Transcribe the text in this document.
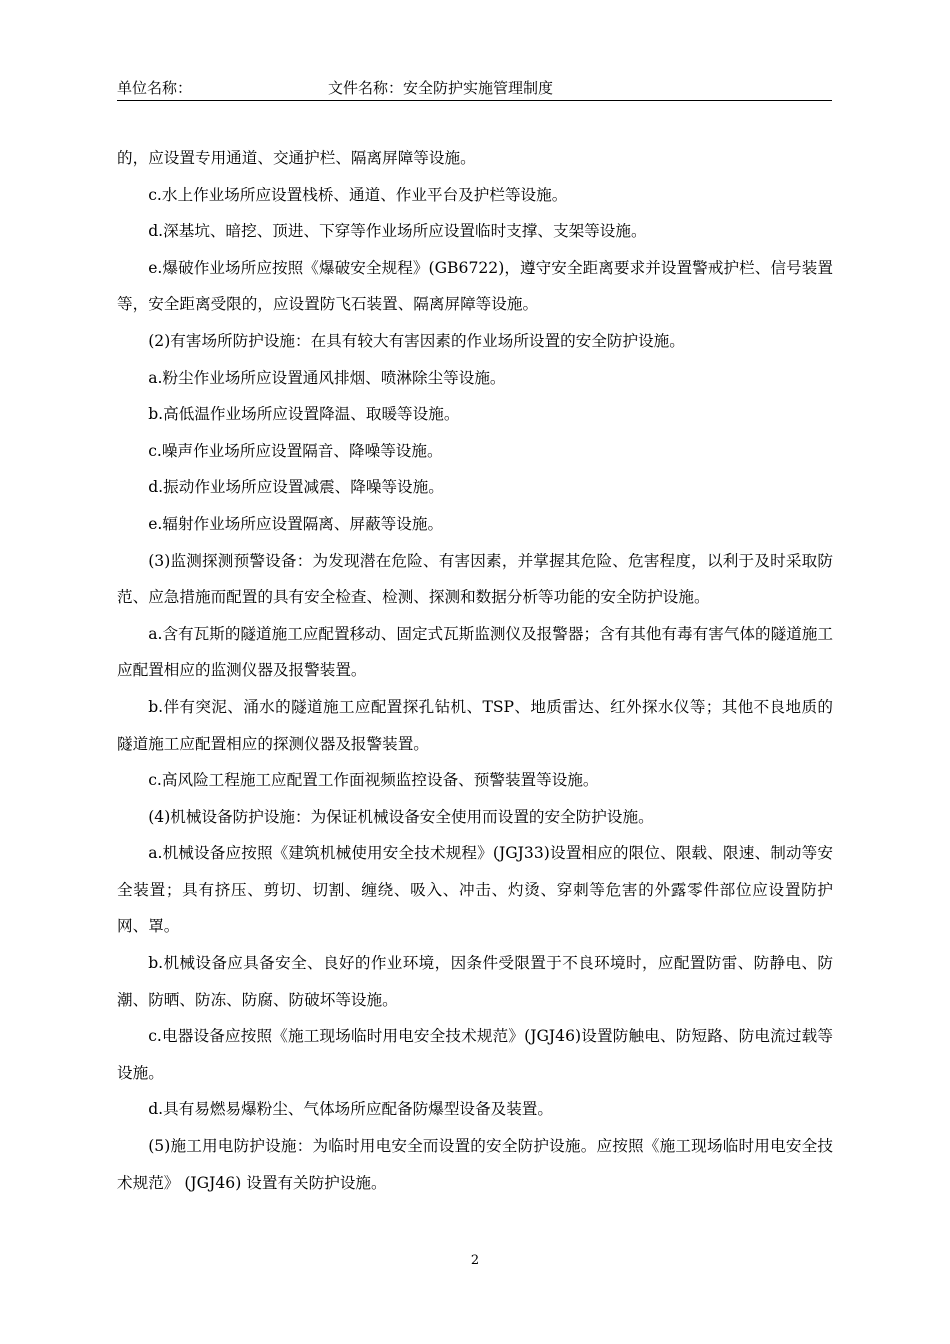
单位名称：	文件名称：安全防护实施管理制度

的，应设置专用通道、交通护栏、隔离屏障等设施。

c.水上作业场所应设置栈桥、通道、作业平台及护栏等设施。

d.深基坑、暗挖、顶进、下穿等作业场所应设置临时支撑、支架等设施。

e.爆破作业场所应按照《爆破安全规程》(GB6722)，遵守安全距离要求并设置警戒护栏、信号装置等，安全距离受限的，应设置防飞石装置、隔离屏障等设施。

(2)有害场所防护设施：在具有较大有害因素的作业场所设置的安全防护设施。

a.粉尘作业场所应设置通风排烟、喷淋除尘等设施。

b.高低温作业场所应设置降温、取暖等设施。

c.噪声作业场所应设置隔音、降噪等设施。

d.振动作业场所应设置减震、降噪等设施。

e.辐射作业场所应设置隔离、屏蔽等设施。

(3)监测探测预警设备：为发现潜在危险、有害因素，并掌握其危险、危害程度，以利于及时采取防范、应急措施而配置的具有安全检查、检测、探测和数据分析等功能的安全防护设施。

a.含有瓦斯的隧道施工应配置移动、固定式瓦斯监测仪及报警器；含有其他有毒有害气体的隧道施工应配置相应的监测仪器及报警装置。

b.伴有突泥、涌水的隧道施工应配置探孔钻机、TSP、地质雷达、红外探水仪等；其他不良地质的隧道施工应配置相应的探测仪器及报警装置。

c.高风险工程施工应配置工作面视频监控设备、预警装置等设施。

(4)机械设备防护设施：为保证机械设备安全使用而设置的安全防护设施。

a.机械设备应按照《建筑机械使用安全技术规程》(JGJ33)设置相应的限位、限载、限速、制动等安全装置；具有挤压、剪切、切割、缠绕、吸入、冲击、灼烫、穿刺等危害的外露零件部位应设置防护网、罩。

b.机械设备应具备安全、良好的作业环境，因条件受限置于不良环境时，应配置防雷、防静电、防潮、防晒、防冻、防腐、防破坏等设施。

c.电器设备应按照《施工现场临时用电安全技术规范》(JGJ46)设置防触电、防短路、防电流过载等设施。

d.具有易燃易爆粉尘、气体场所应配备防爆型设备及装置。

(5)施工用电防护设施：为临时用电安全而设置的安全防护设施。应按照《施工现场临时用电安全技术规范》 (JGJ46) 设置有关防护设施。

2
